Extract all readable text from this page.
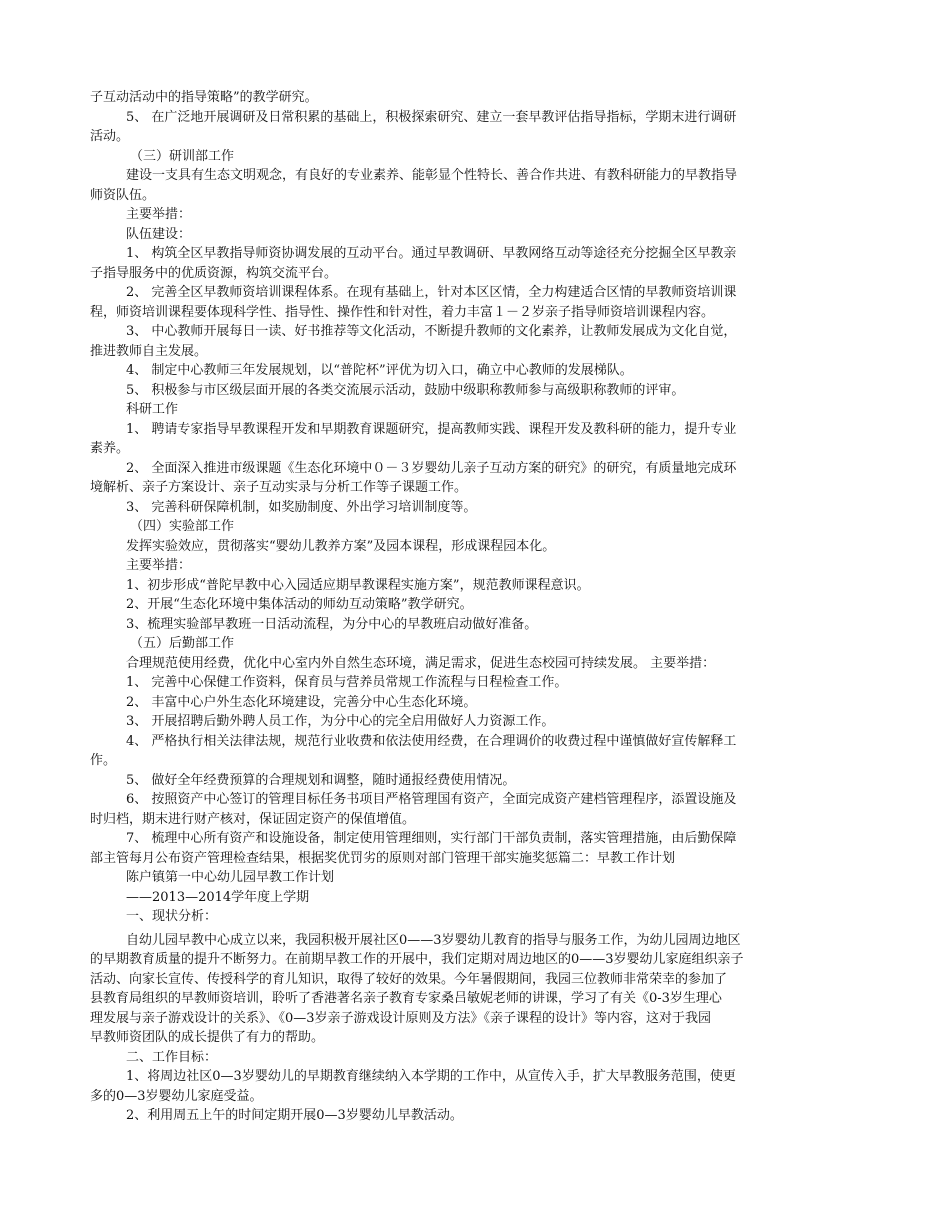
子互动活动中的指导策略”的教学研究。
5、 在广泛地开展调研及日常积累的基础上，积极探索研究、建立一套早教评估指导指标，学期末进行调研
活动。
（三）研训部工作
建设一支具有生态文明观念，有良好的专业素养、能彰显个性特长、善合作共进、有教科研能力的早教指导
师资队伍。
主要举措：
队伍建设：
1、 构筑全区早教指导师资协调发展的互动平台。通过早教调研、早教网络互动等途径充分挖掘全区早教亲
子指导服务中的优质资源，构筑交流平台。
2、 完善全区早教师资培训课程体系。在现有基础上，针对本区区情，全力构建适合区情的早教师资培训课
程，师资培训课程要体现科学性、指导性、操作性和针对性，着力丰富１－２岁亲子指导师资培训课程内容。
3、 中心教师开展每日一读、好书推荐等文化活动，不断提升教师的文化素养，让教师发展成为文化自觉，
推进教师自主发展。
4、 制定中心教师三年发展规划，以“普陀杯”评优为切入口，确立中心教师的发展梯队。
5、 积极参与市区级层面开展的各类交流展示活动，鼓励中级职称教师参与高级职称教师的评审。
科研工作
1、 聘请专家指导早教课程开发和早期教育课题研究，提高教师实践、课程开发及教科研的能力，提升专业
素养。
2、 全面深入推进市级课题《生态化环境中０－３岁婴幼儿亲子互动方案的研究》的研究，有质量地完成环
境解析、亲子方案设计、亲子互动实录与分析工作等子课题工作。
3、 完善科研保障机制，如奖励制度、外出学习培训制度等。
（四）实验部工作
发挥实验效应，贯彻落实“婴幼儿教养方案”及园本课程，形成课程园本化。
主要举措：
1、初步形成“普陀早教中心入园适应期早教课程实施方案”，规范教师课程意识。
2、开展“生态化环境中集体活动的师幼互动策略”教学研究。
3、梳理实验部早教班一日活动流程，为分中心的早教班启动做好准备。
（五）后勤部工作
合理规范使用经费，优化中心室内外自然生态环境，满足需求，促进生态校园可持续发展。 主要举措：
1、 完善中心保健工作资料，保育员与营养员常规工作流程与日程检查工作。
2、 丰富中心户外生态化环境建设，完善分中心生态化环境。
3、 开展招聘后勤外聘人员工作，为分中心的完全启用做好人力资源工作。
4、 严格执行相关法律法规，规范行业收费和依法使用经费，在合理调价的收费过程中谨慎做好宣传解释工
作。
5、 做好全年经费预算的合理规划和调整，随时通报经费使用情况。
6、 按照资产中心签订的管理目标任务书项目严格管理国有资产，全面完成资产建档管理程序，添置设施及
时归档，期末进行财产核对，保证固定资产的保值增值。
7、 梳理中心所有资产和设施设备，制定使用管理细则，实行部门干部负责制，落实管理措施，由后勤保障
部主管每月公布资产管理检查结果，根据奖优罚劣的原则对部门管理干部实施奖惩篇二：早教工作计划
陈户镇第一中心幼儿园早教工作计划
——2013—2014学年度上学期
一、现状分析：
自幼儿园早教中心成立以来，我园积极开展社区0——3岁婴幼儿教育的指导与服务工作，为幼儿园周边地区
的早期教育质量的提升不断努力。在前期早教工作的开展中，我们定期对周边地区的0——3岁婴幼儿家庭组织亲子
活动、向家长宣传、传授科学的育儿知识，取得了较好的效果。今年暑假期间，我园三位教师非常荣幸的参加了
县教育局组织的早教师资培训，聆听了香港著名亲子教育专家桑吕敏妮老师的讲课，学习了有关《0-3岁生理心
理发展与亲子游戏设计的关系》、《0—3岁亲子游戏设计原则及方法》《亲子课程的设计》等内容，这对于我园
早教师资团队的成长提供了有力的帮助。
二、工作目标：
1、将周边社区0—3岁婴幼儿的早期教育继续纳入本学期的工作中，从宣传入手，扩大早教服务范围，使更
多的0—3岁婴幼儿家庭受益。
2、利用周五上午的时间定期开展0—3岁婴幼儿早教活动。
